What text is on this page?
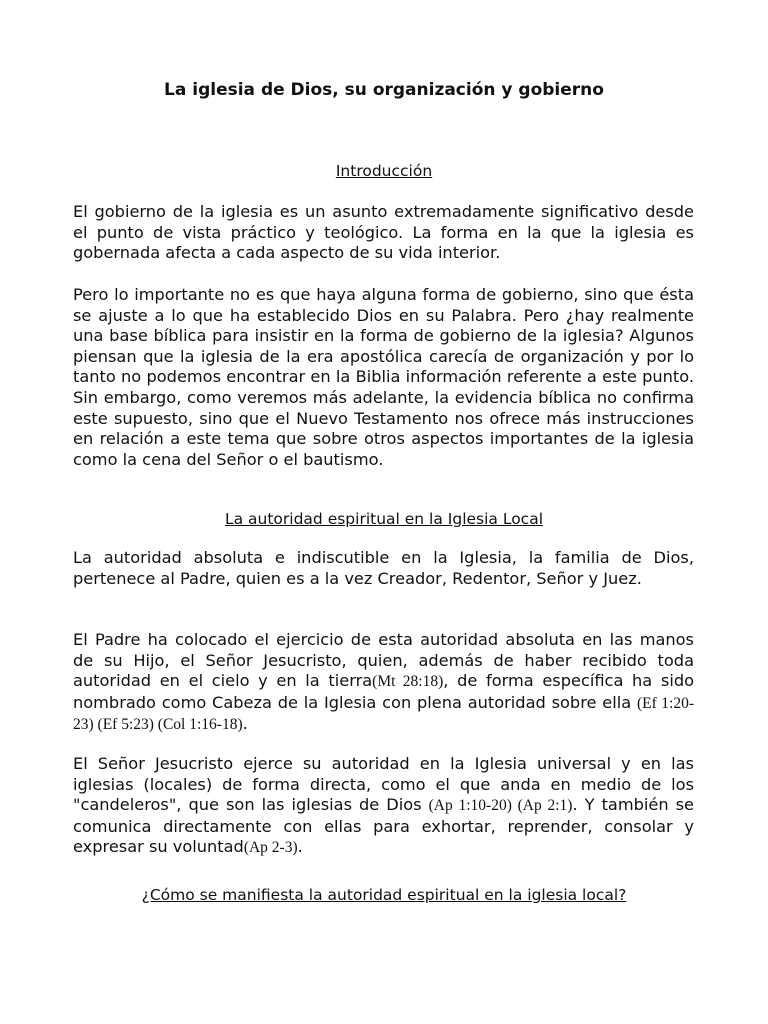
La iglesia de Dios, su organización y gobierno
Introducción

El gobierno de la iglesia es un asunto extremadamente significativo desde el punto de vista práctico y teológico. La forma en la que la iglesia es gobernada afecta a cada aspecto de su vida interior.

Pero lo importante no es que haya alguna forma de gobierno, sino que ésta se ajuste a lo que ha establecido Dios en su Palabra. Pero ¿hay realmente una base bíblica para insistir en la forma de gobierno de la iglesia? Algunos piensan que la iglesia de la era apostólica carecía de organización y por lo tanto no podemos encontrar en la Biblia información referente a este punto. Sin embargo, como veremos más adelante, la evidencia bíblica no confirma este supuesto, sino que el Nuevo Testamento nos ofrece más instrucciones en relación a este tema que sobre otros aspectos importantes de la iglesia como la cena del Señor o el bautismo.

La autoridad espiritual en la Iglesia Local

La autoridad absoluta e indiscutible en la Iglesia, la familia de Dios, pertenece al Padre, quien es a la vez Creador, Redentor, Señor y Juez.

El Padre ha colocado el ejercicio de esta autoridad absoluta en las manos de su Hijo, el Señor Jesucristo, quien, además de haber recibido toda autoridad en el cielo y en la tierra(Mt 28:18), de forma específica ha sido nombrado como Cabeza de la Iglesia con plena autoridad sobre ella (Ef 1:20-23) (Ef 5:23) (Col 1:16-18).

El Señor Jesucristo ejerce su autoridad en la Iglesia universal y en las iglesias (locales) de forma directa, como el que anda en medio de los "candeleros", que son las iglesias de Dios (Ap 1:10-20) (Ap 2:1). Y también se comunica directamente con ellas para exhortar, reprender, consolar y expresar su voluntad(Ap 2-3).

¿Cómo se manifiesta la autoridad espiritual en la iglesia local?
